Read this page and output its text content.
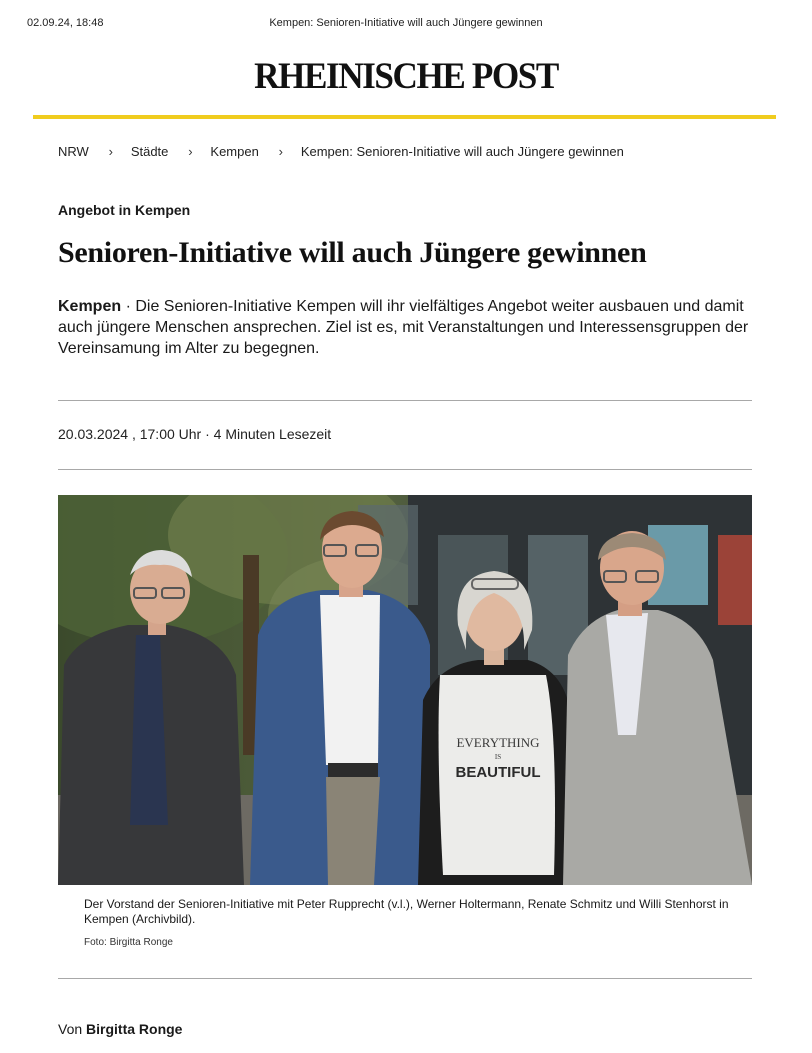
02.09.24, 18:48	Kempen: Senioren-Initiative will auch Jüngere gewinnen
RHEINISCHE POST
NRW › Städte › Kempen › Kempen: Senioren-Initiative will auch Jüngere gewinnen
Angebot in Kempen
Senioren-Initiative will auch Jüngere gewinnen

Kempen · Die Senioren-Initiative Kempen will ihr vielfältiges Angebot weiter ausbauen und damit auch jüngere Menschen ansprechen. Ziel ist es, mit Veranstaltungen und Interessensgruppen der Vereinsamung im Alter zu begegnen.

20.03.2024 , 17:00 Uhr · 4 Minuten Lesezeit
EVERYTHING
IS
BEAUTIFUL

Der Vorstand der Senioren-Initiative mit Peter Rupprecht (v.l.), Werner Holtermann, Renate Schmitz und Willi Stenhorst in Kempen (Archivbild).

Foto: Birgitta Ronge
Von Birgitta Ronge
